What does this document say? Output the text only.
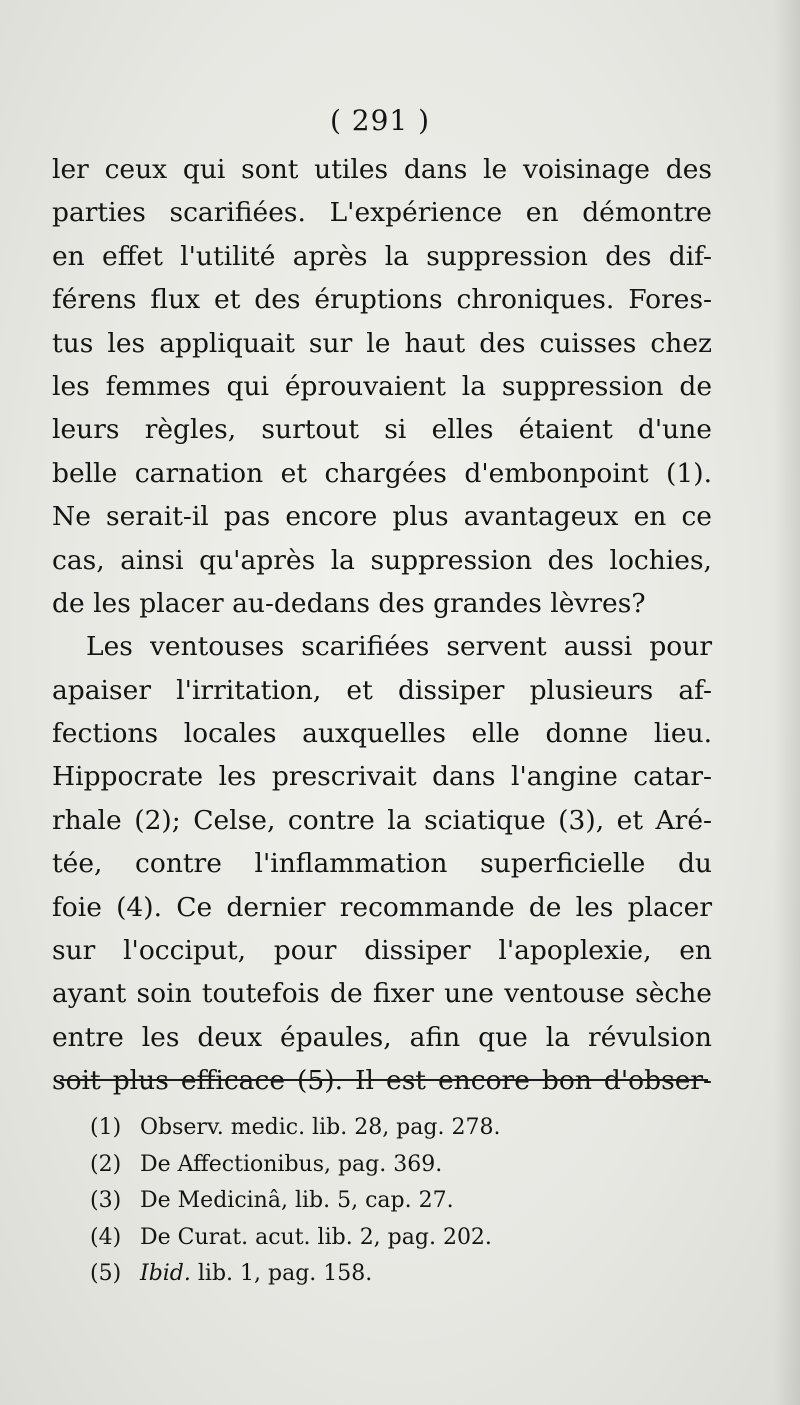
( 291 )
ler ceux qui sont utiles dans le voisinage des
parties scarifiées. L'expérience en démontre
en effet l'utilité après la suppression des dif-
férens flux et des éruptions chroniques. Fores-
tus les appliquait sur le haut des cuisses chez
les femmes qui éprouvaient la suppression de
leurs règles, surtout si elles étaient d'une
belle carnation et chargées d'embonpoint (1).
Ne serait-il pas encore plus avantageux en ce
cas, ainsi qu'après la suppression des lochies,
de les placer au-dedans des grandes lèvres?
Les ventouses scarifiées servent aussi pour
apaiser l'irritation, et dissiper plusieurs af-
fections locales auxquelles elle donne lieu.
Hippocrate les prescrivait dans l'angine catar-
rhale (2); Celse, contre la sciatique (3), et Aré-
tée, contre l'inflammation superficielle du
foie (4). Ce dernier recommande de les placer
sur l'occiput, pour dissiper l'apoplexie, en
ayant soin toutefois de fixer une ventouse sèche
entre les deux épaules, afin que la révulsion
soit plus efficace (5). Il est encore bon d'obser-
(1) Observ. medic. lib. 28, pag. 278.
(2) De Affectionibus, pag. 369.
(3) De Medicinâ, lib. 5, cap. 27.
(4) De Curat. acut. lib. 2, pag. 202.
(5) Ibid. lib. 1, pag. 158.
